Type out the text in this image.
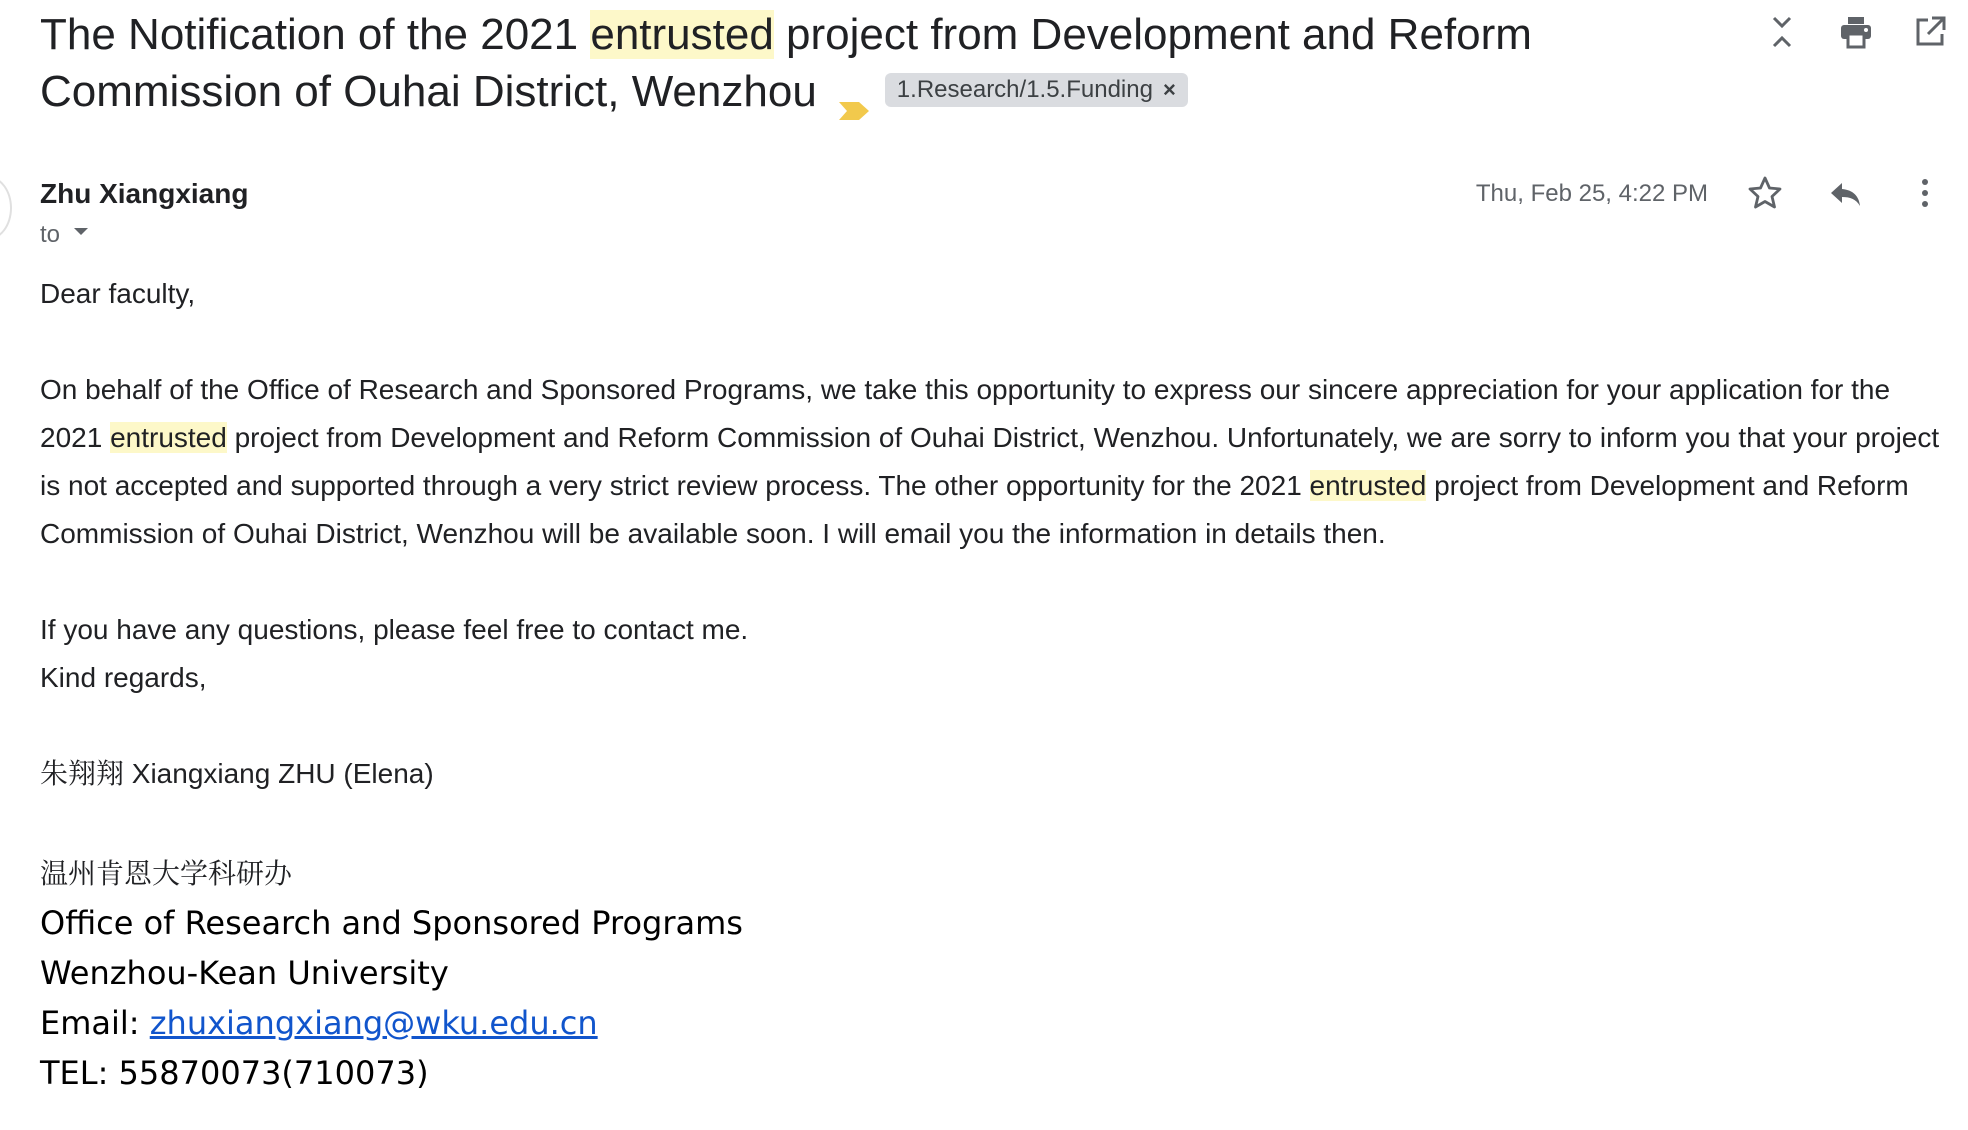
The Notification of the 2021 entrusted project from Development and Reform Commission of Ouhai District, Wenzhou	1.Research/1.5.Funding ×
Zhu Xiangxiang
to
Thu, Feb 25, 4:22 PM

Dear faculty,

On behalf of the Office of Research and Sponsored Programs, we take this opportunity to express our sincere appreciation for your application for the 2021 entrusted project from Development and Reform Commission of Ouhai District, Wenzhou. Unfortunately, we are sorry to inform you that your project is not accepted and supported through a very strict review process. The other opportunity for the 2021 entrusted project from Development and Reform Commission of Ouhai District, Wenzhou will be available soon. I will email you the information in details then.

If you have any questions, please feel free to contact me.

Kind regards,

朱翔翔 Xiangxiang ZHU (Elena)

温州肯恩大学科研办

Office of Research and Sponsored Programs
Wenzhou-Kean University
Email: zhuxiangxiang@wku.edu.cn
TEL: 55870073(710073)
